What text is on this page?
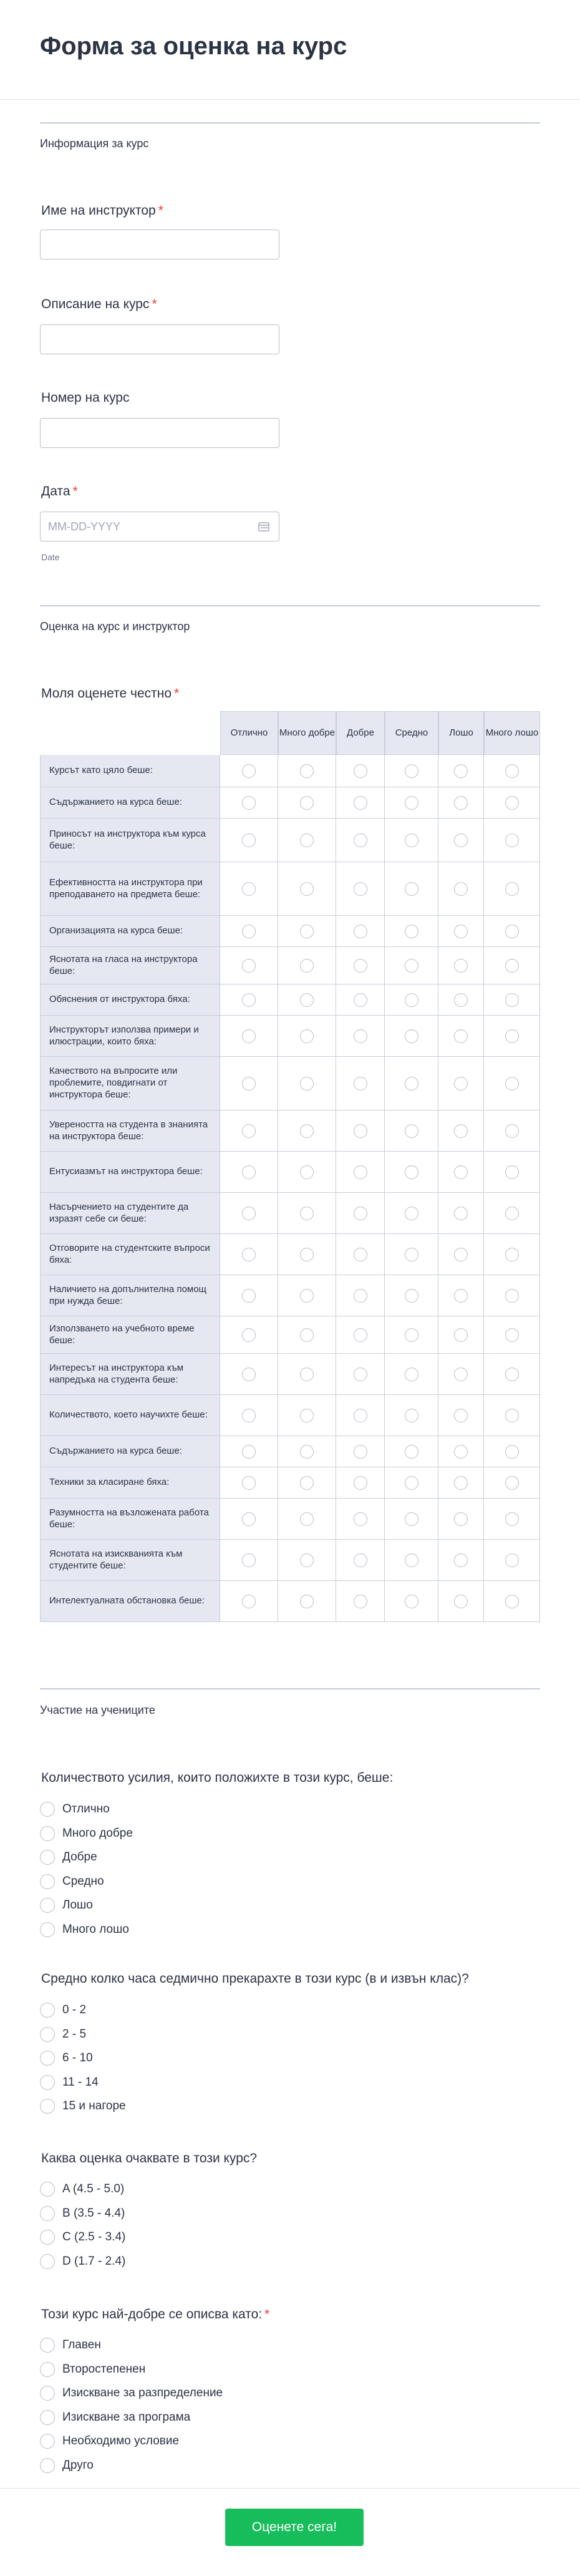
Форма за оценка на курс
Информация за курс
Име на инструктор *
Описание на курс *
Номер на курс
Дата *
MM-DD-YYYY
Date
Оценка на курс и инструктор
Моля оценете честно *
Отлично	Много добре	Добре	Средно	Лошо	Много лошо
Курсът като цяло беше:
Съдържанието на курса беше:
Приносът на инструктора към курса беше:
Ефективността на инструктора при преподаването на предмета беше:
Организацията на курса беше:
Яснотата на гласа на инструктора беше:
Обяснения от инструктора бяха:
Инструкторът използва примери и илюстрации, които бяха:
Качеството на въпросите или проблемите, повдигнати от инструктора беше:
Увереността на студента в знанията на инструктора беше:
Ентусиазмът на инструктора беше:
Насърчението на студентите да изразят себе си беше:
Отговорите на студентските въпроси бяха:
Наличието на допълнителна помощ при нужда беше:
Използването на учебното време беше:
Интересът на инструктора към напредъка на студента беше:
Количеството, което научихте беше:
Съдържанието на курса беше:
Техники за класиране бяха:
Разумността на възложената работа беше:
Яснотата на изискванията към студентите беше:
Интелектуалната обстановка беше:
Участие на учениците
Количеството усилия, които положихте в този курс, беше:
Отлично
Много добре
Добре
Средно
Лошо
Много лошо
Средно колко часа седмично прекарахте в този курс (в и извън клас)?
0 - 2
2 - 5
6 - 10
11 - 14
15 и нагоре
Каква оценка очаквате в този курс?
A (4.5 - 5.0)
B (3.5 - 4.4)
C (2.5 - 3.4)
D (1.7 - 2.4)
Този курс най-добре се описва като: *
Главен
Второстепенен
Изискване за разпределение
Изискване за програма
Необходимо условие
Друго
Оценете сега!
